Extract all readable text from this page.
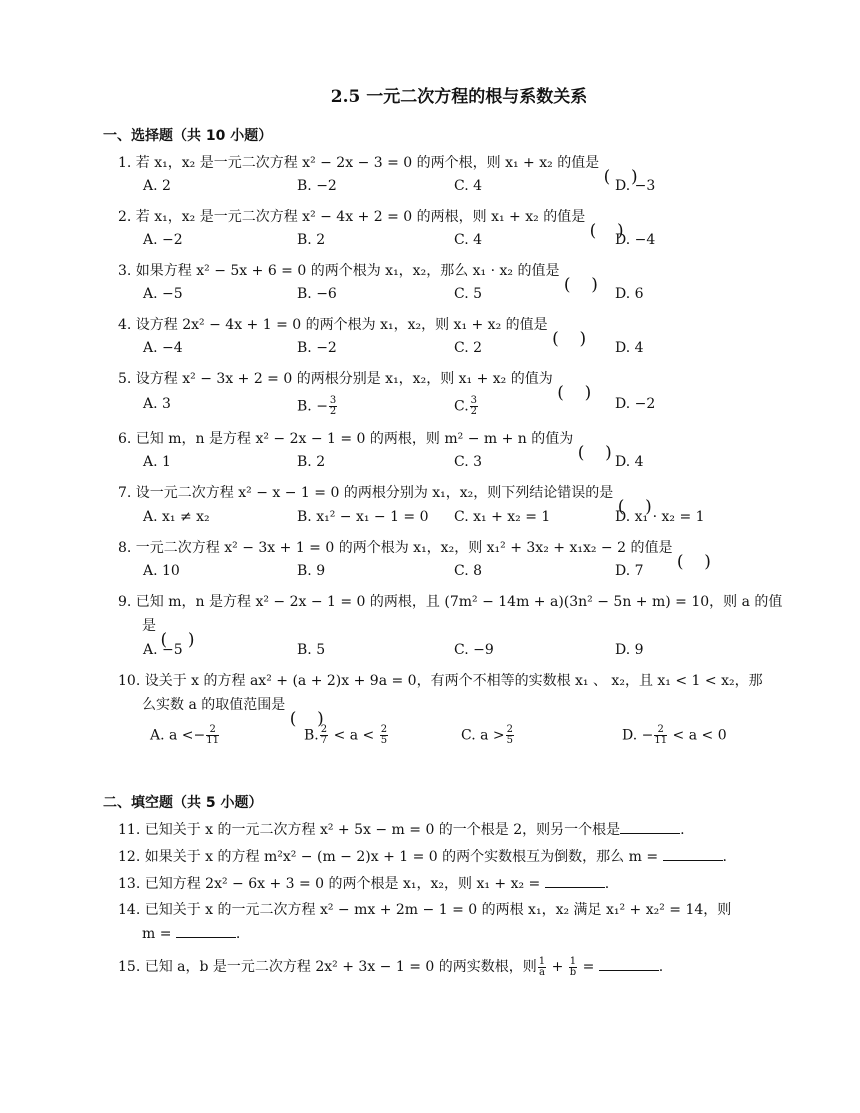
2.5 一元二次方程的根与系数关系
一、选择题（共 10 小题）
1. 若 x₁，x₂ 是一元二次方程 x² − 2x − 3 = 0 的两个根，则 x₁ + x₂ 的值是
A. 2	B. −2	C. 4	D. −3
2. 若 x₁，x₂ 是一元二次方程 x² − 4x + 2 = 0 的两根，则 x₁ + x₂ 的值是
A. −2	B. 2	C. 4	D. −4
3. 如果方程 x² − 5x + 6 = 0 的两个根为 x₁，x₂，那么 x₁ · x₂ 的值是
A. −5	B. −6	C. 5	D. 6
4. 设方程 2x² − 4x + 1 = 0 的两个根为 x₁，x₂，则 x₁ + x₂ 的值是
A. −4	B. −2	C. 2	D. 4
5. 设方程 x² − 3x + 2 = 0 的两根分别是 x₁，x₂，则 x₁ + x₂ 的值为
A. 3	B. − $\frac{3}{2}$	C. $\frac{3}{2}$	D. −2
6. 已知 m，n 是方程 x² − 2x − 1 = 0 的两根，则 m² − m + n 的值为
A. 1	B. 2	C. 3	D. 4
7. 设一元二次方程 x² − x − 1 = 0 的两根分别为 x₁，x₂，则下列结论错误的是
A. x₁ ≠ x₂	B. x₁² − x₁ − 1 = 0 C. x₁ + x₂ = 1	D. x₁ · x₂ = 1
8. 一元二次方程 x² − 3x + 1 = 0 的两个根为 x₁，x₂，则 x₁² + 3x₂ + x₁x₂ − 2 的值是
A. 10	B. 9	C. 8	D. 7
9. 已知 m，n 是方程 x² − 2x − 1 = 0 的两根，且 (7m² − 14m + a)(3n² − 5n + m) = 10，则 a 的值
是
A. −5	B. 5	C. −9	D. 9
10. 设关于 x 的方程 ax² + (a + 2)x + 9a = 0，有两个不相等的实数根 x₁ 、 x₂，且 x₁ < 1 < x₂，那
么实数 a 的取值范围是
A. $a <- \frac{2}{11}$	B. $\frac{2}{7} < a < \frac{2}{5}$	C. $a > \frac{2}{5}$	D. − $\frac{2}{11} < a < 0$
二、填空题（共 5 小题）
11. 已知关于 x 的一元二次方程 x² + 5x − m = 0 的一个根是 2，则另一个根是	.
12. 如果关于 x 的方程 m²x² − (m − 2)x + 1 = 0 的两个实数根互为倒数，那么 m =	.
13. 已知方程 2x² − 6x + 3 = 0 的两个根是 x₁，x₂，则 x₁ + x₂ =	.
14. 已知关于 x 的一元二次方程 x² − mx + 2m − 1 = 0 的两根 x₁，x₂ 满足 x₁² + x₂² = 14，则
m =	.
15. 已知 a，b 是一元二次方程 2x² + 3x − 1 = 0 的两实数根，则 $\frac{1}{a} + \frac{1}{b}$ =	.
